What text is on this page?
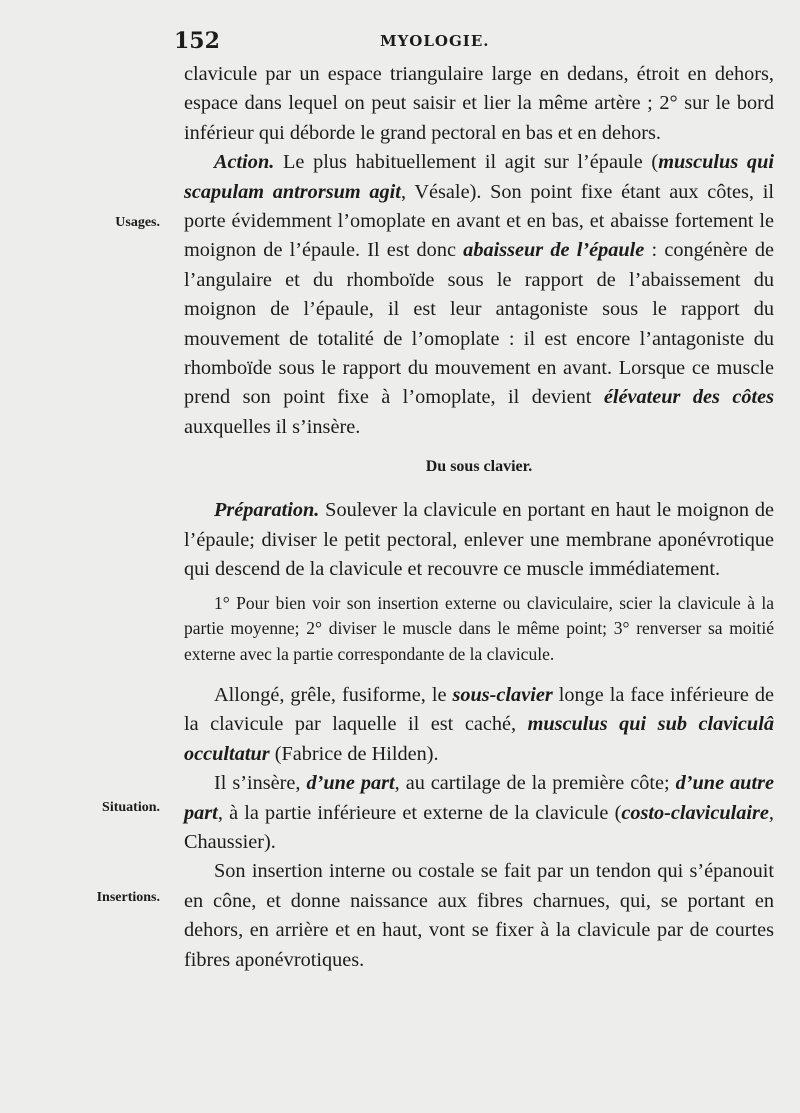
152	MYOLOGIE.
Usages.
Situation.
Insertions.

clavicule par un espace triangulaire large en dedans, étroit en dehors, espace dans lequel on peut saisir et lier la même artère ; 2° sur le bord inférieur qui déborde le grand pectoral en bas et en dehors.

Action. Le plus habituellement il agit sur l’épaule (musculus qui scapulam antrorsum agit, Vésale). Son point fixe étant aux côtes, il porte évidemment l’omoplate en avant et en bas, et abaisse fortement le moignon de l’épaule. Il est donc abaisseur de l’épaule : congénère de l’angulaire et du rhomboïde sous le rapport de l’abaissement du moignon de l’épaule, il est leur antagoniste sous le rapport du mouvement de totalité de l’omoplate : il est encore l’antagoniste du rhomboïde sous le rapport du mouvement en avant. Lorsque ce muscle prend son point fixe à l’omoplate, il devient élévateur des côtes auxquelles il s’insère.

Du sous clavier.

Préparation. Soulever la clavicule en portant en haut le moignon de l’épaule; diviser le petit pectoral, enlever une membrane aponévrotique qui descend de la clavicule et recouvre ce muscle immédiatement.

1° Pour bien voir son insertion externe ou claviculaire, scier la clavicule à la partie moyenne; 2° diviser le muscle dans le même point; 3° renverser sa moitié externe avec la partie correspondante de la clavicule.

Allongé, grêle, fusiforme, le sous-clavier longe la face inférieure de la clavicule par laquelle il est caché, musculus qui sub claviculâ occultatur (Fabrice de Hilden).

Il s’insère, d’une part, au cartilage de la première côte; d’une autre part, à la partie inférieure et externe de la clavicule (costo-claviculaire, Chaussier).

Son insertion interne ou costale se fait par un tendon qui s’épanouit en cône, et donne naissance aux fibres charnues, qui, se portant en dehors, en arrière et en haut, vont se fixer à la clavicule par de courtes fibres aponévrotiques.
